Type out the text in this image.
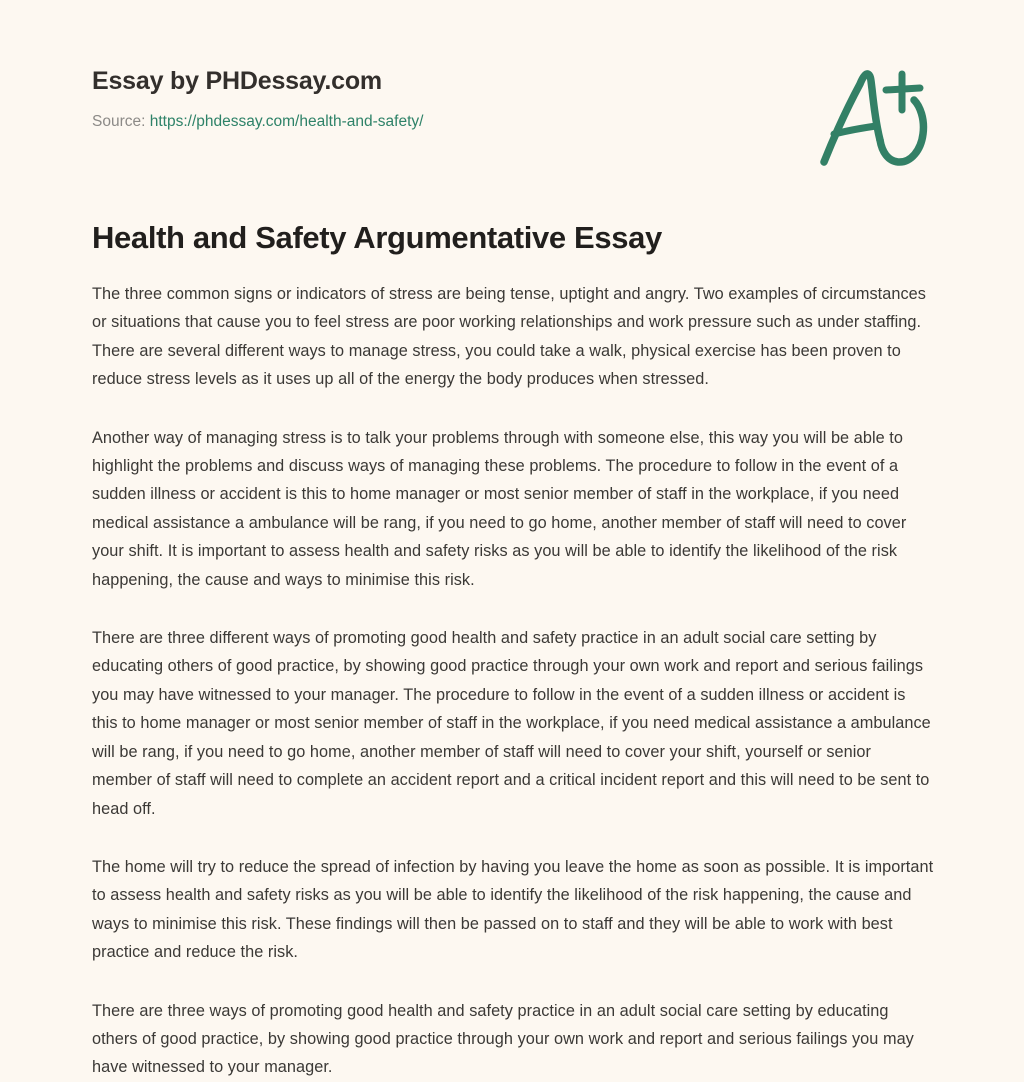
Essay by PHDessay.com
Source: https://phdessay.com/health-and-safety/
Health and Safety Argumentative Essay

The three common signs or indicators of stress are being tense, uptight and angry. Two examples of circumstances or situations that cause you to feel stress are poor working relationships and work pressure such as under staffing. There are several different ways to manage stress, you could take a walk, physical exercise has been proven to reduce stress levels as it uses up all of the energy the body produces when stressed.

Another way of managing stress is to talk your problems through with someone else, this way you will be able to highlight the problems and discuss ways of managing these problems. The procedure to follow in the event of a sudden illness or accident is this to home manager or most senior member of staff in the workplace, if you need medical assistance a ambulance will be rang, if you need to go home, another member of staff will need to cover your shift. It is important to assess health and safety risks as you will be able to identify the likelihood of the risk happening, the cause and ways to minimise this risk.

There are three different ways of promoting good health and safety practice in an adult social care setting by educating others of good practice, by showing good practice through your own work and report and serious failings you may have witnessed to your manager. The procedure to follow in the event of a sudden illness or accident is this to home manager or most senior member of staff in the workplace, if you need medical assistance a ambulance will be rang, if you need to go home, another member of staff will need to cover your shift, yourself or senior member of staff will need to complete an accident report and a critical incident report and this will need to be sent to head off.

The home will try to reduce the spread of infection by having you leave the home as soon as possible. It is important to assess health and safety risks as you will be able to identify the likelihood of the risk happening, the cause and ways to minimise this risk. These findings will then be passed on to staff and they will be able to work with best practice and reduce the risk.

There are three ways of promoting good health and safety practice in an adult social care setting by educating others of good practice, by showing good practice through your own work and report and serious failings you may have witnessed to your manager.
